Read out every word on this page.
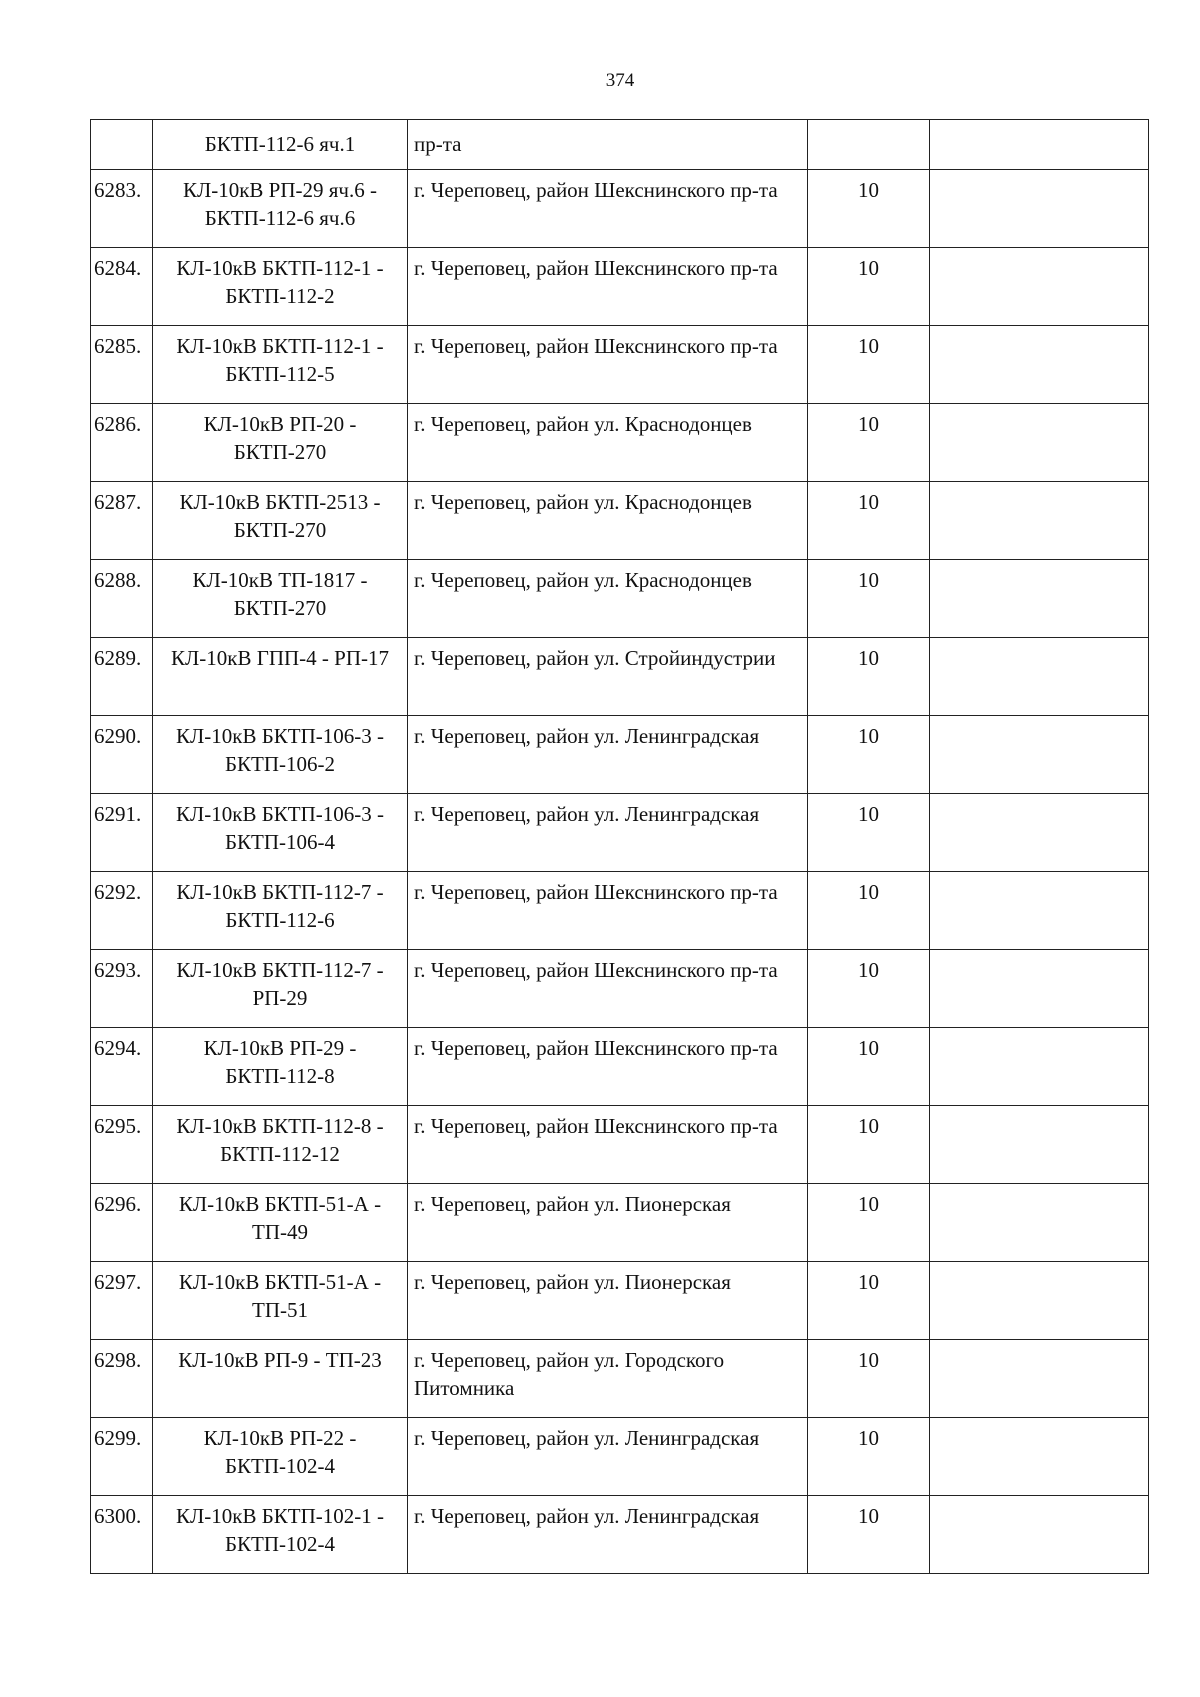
374
	БКТП-112-6 яч.1	пр-та		
6283.	КЛ-10кВ РП-29 яч.6 - БКТП-112-6 яч.6	г. Череповец, район Шекснинского пр-та	10	
6284.	КЛ-10кВ БКТП-112-1 - БКТП-112-2	г. Череповец, район Шекснинского пр-та	10	
6285.	КЛ-10кВ БКТП-112-1 - БКТП-112-5	г. Череповец, район Шекснинского пр-та	10	
6286.	КЛ-10кВ РП-20 - БКТП-270	г. Череповец, район ул. Краснодонцев	10	
6287.	КЛ-10кВ БКТП-2513 - БКТП-270	г. Череповец, район ул. Краснодонцев	10	
6288.	КЛ-10кВ ТП-1817 - БКТП-270	г. Череповец, район ул. Краснодонцев	10	
6289.	КЛ-10кВ ГПП-4 - РП-17	г. Череповец, район ул. Стройиндустрии	10	
6290.	КЛ-10кВ БКТП-106-3 - БКТП-106-2	г. Череповец, район ул. Ленинградская	10	
6291.	КЛ-10кВ БКТП-106-3 - БКТП-106-4	г. Череповец, район ул. Ленинградская	10	
6292.	КЛ-10кВ БКТП-112-7 - БКТП-112-6	г. Череповец, район Шекснинского пр-та	10	
6293.	КЛ-10кВ БКТП-112-7 - РП-29	г. Череповец, район Шекснинского пр-та	10	
6294.	КЛ-10кВ РП-29 - БКТП-112-8	г. Череповец, район Шекснинского пр-та	10	
6295.	КЛ-10кВ БКТП-112-8 - БКТП-112-12	г. Череповец, район Шекснинского пр-та	10	
6296.	КЛ-10кВ БКТП-51-А - ТП-49	г. Череповец, район ул. Пионерская	10	
6297.	КЛ-10кВ БКТП-51-А - ТП-51	г. Череповец, район ул. Пионерская	10	
6298.	КЛ-10кВ РП-9 - ТП-23	г. Череповец, район ул. Городского Питомника	10	
6299.	КЛ-10кВ РП-22 - БКТП-102-4	г. Череповец, район ул. Ленинградская	10	
6300.	КЛ-10кВ БКТП-102-1 - БКТП-102-4	г. Череповец, район ул. Ленинградская	10	
